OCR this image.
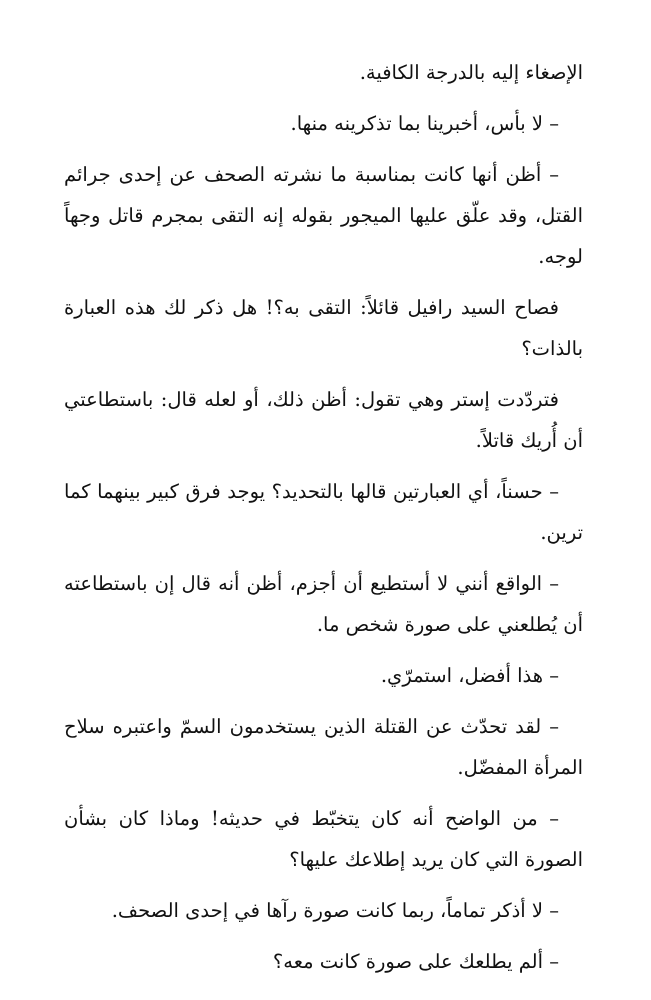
الإصغاء إليه بالدرجة الكافية.

– لا بأس، أخبرينا بما تذكرينه منها.

– أظن أنها كانت بمناسبة ما نشرته الصحف عن إحدى جرائم القتل، وقد علّق عليها الميجور بقوله إنه التقى بمجرم قاتل وجهاً لوجه.

فصاح السيد رافيل قائلاً: التقى به؟! هل ذكر لك هذه العبارة بالذات؟

فتردّدت إستر وهي تقول: أظن ذلك، أو لعله قال: باستطاعتي أن أُريك قاتلاً.

– حسناً، أي العبارتين قالها بالتحديد؟ يوجد فرق كبير بينهما كما ترين.

– الواقع أنني لا أستطيع أن أجزم، أظن أنه قال إن باستطاعته أن يُطلعني على صورة شخص ما.

– هذا أفضل، استمرّي.

– لقد تحدّث عن القتلة الذين يستخدمون السمّ واعتبره سلاح المرأة المفضّل.

– من الواضح أنه كان يتخبّط في حديثه! وماذا كان بشأن الصورة التي كان يريد إطلاعك عليها؟

– لا أذكر تماماً، ربما كانت صورة رآها في إحدى الصحف.

– ألم يطلعك على صورة كانت معه؟
